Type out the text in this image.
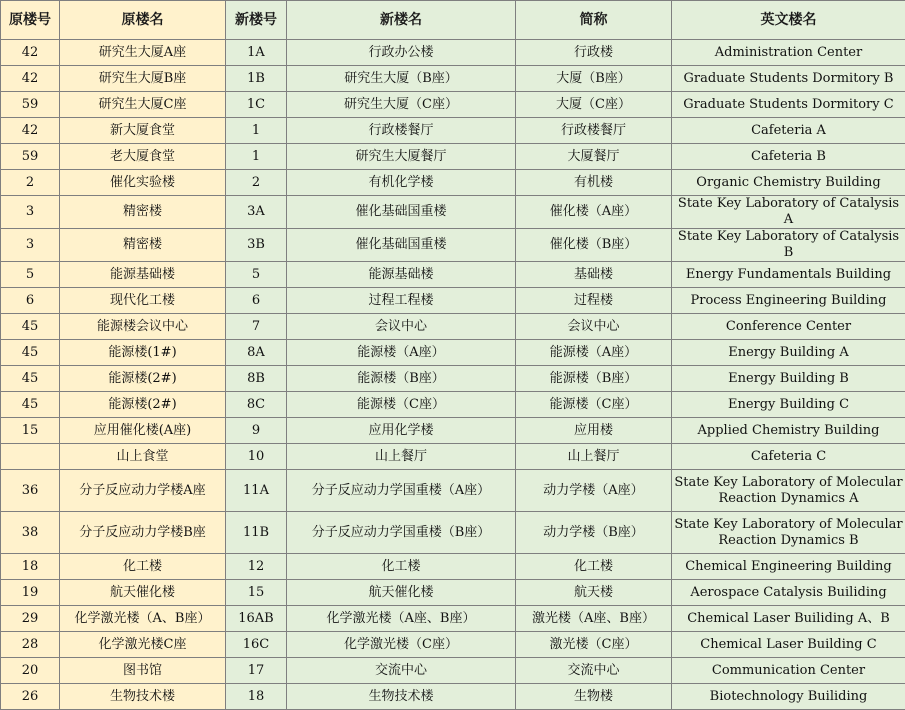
原楼号	原楼名	新楼号	新楼名	简称	英文楼名
42	研究生大厦A座	1A	行政办公楼	行政楼	Administration Center
42	研究生大厦B座	1B	研究生大厦（B座）	大厦（B座）	Graduate Students Dormitory B
59	研究生大厦C座	1C	研究生大厦（C座）	大厦（C座）	Graduate Students Dormitory C
42	新大厦食堂	1	行政楼餐厅	行政楼餐厅	Cafeteria A
59	老大厦食堂	1	研究生大厦餐厅	大厦餐厅	Cafeteria B
2	催化实验楼	2	有机化学楼	有机楼	Organic Chemistry Building
3	精密楼	3A	催化基础国重楼	催化楼（A座）	State Key Laboratory of Catalysis A
3	精密楼	3B	催化基础国重楼	催化楼（B座）	State Key Laboratory of Catalysis B
5	能源基础楼	5	能源基础楼	基础楼	Energy Fundamentals Building
6	现代化工楼	6	过程工程楼	过程楼	Process Engineering Building
45	能源楼会议中心	7	会议中心	会议中心	Conference Center
45	能源楼(1#)	8A	能源楼（A座）	能源楼（A座）	Energy Building A
45	能源楼(2#)	8B	能源楼（B座）	能源楼（B座）	Energy Building B
45	能源楼(2#)	8C	能源楼（C座）	能源楼（C座）	Energy Building C
15	应用催化楼(A座)	9	应用化学楼	应用楼	Applied Chemistry Building
	山上食堂	10	山上餐厅	山上餐厅	Cafeteria C
36	分子反应动力学楼A座	11A	分子反应动力学国重楼（A座）	动力学楼（A座）	State Key Laboratory of Molecular Reaction Dynamics A
38	分子反应动力学楼B座	11B	分子反应动力学国重楼（B座）	动力学楼（B座）	State Key Laboratory of Molecular Reaction Dynamics B
18	化工楼	12	化工楼	化工楼	Chemical Engineering Building
19	航天催化楼	15	航天催化楼	航天楼	Aerospace Catalysis Builiding
29	化学激光楼（A、B座）	16AB	化学激光楼（A座、B座）	激光楼（A座、B座）	Chemical Laser Builiding A、B
28	化学激光楼C座	16C	化学激光楼（C座）	激光楼（C座）	Chemical Laser Building C
20	图书馆	17	交流中心	交流中心	Communication Center
26	生物技术楼	18	生物技术楼	生物楼	Biotechnology Builiding
